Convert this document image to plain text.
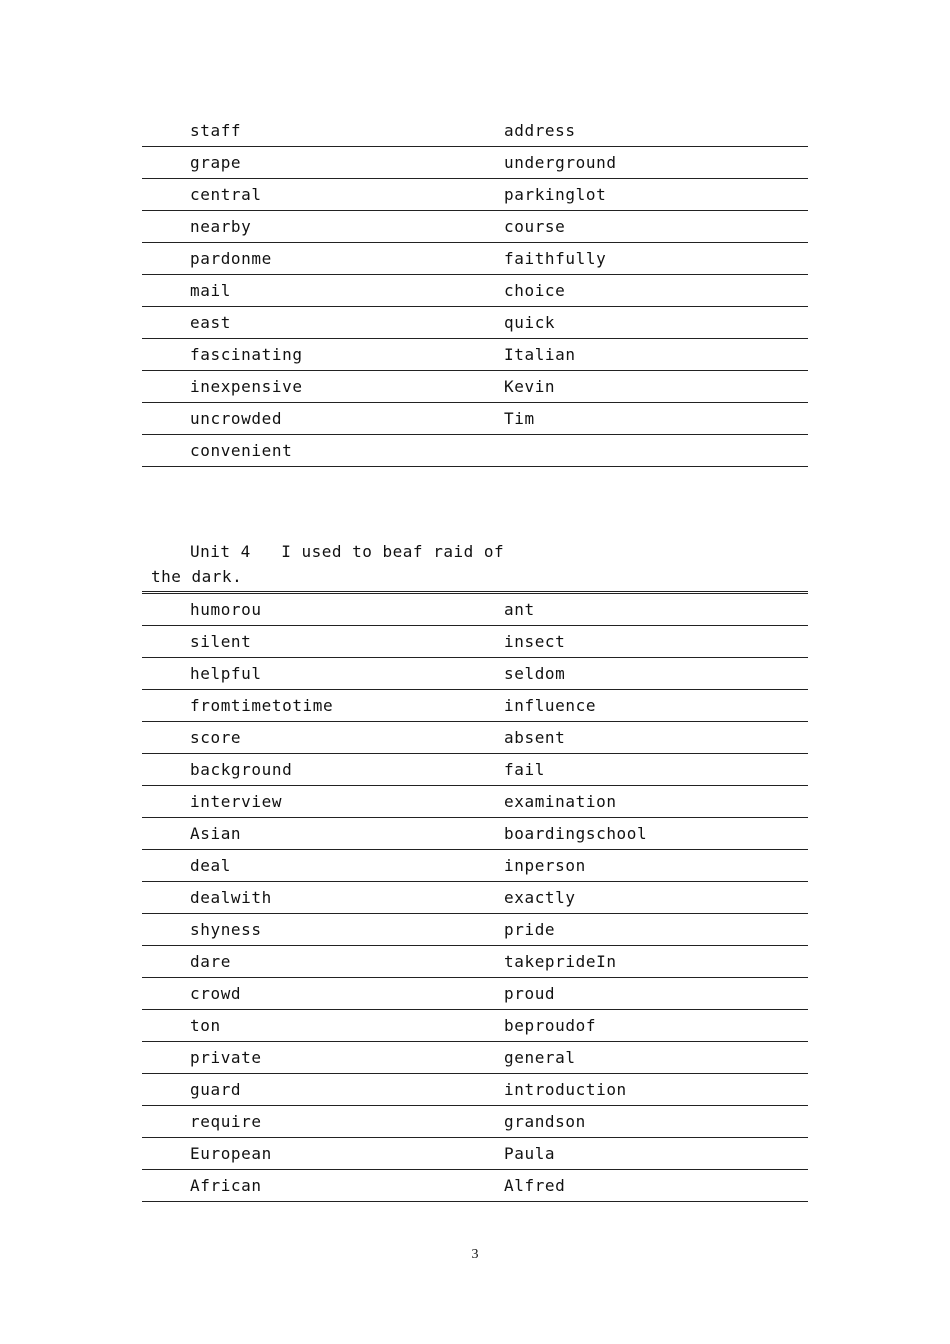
staff	address
grape	underground
central	parkinglot
nearby	course
pardonme	faithfully
mail	choice
east	quick
fascinating	Italian
inexpensive	Kevin
uncrowded	Tim
convenient
Unit 4   I used to beaf raid of
the dark.
humorou	ant
silent	insect
helpful	seldom
fromtimetotime	influence
score	absent
background	fail
interview	examination
Asian	boardingschool
deal	inperson
dealwith	exactly
shyness	pride
dare	takeprideIn
crowd	proud
ton	beproudof
private	general
guard	introduction
require	grandson
European	Paula
African	Alfred
3
